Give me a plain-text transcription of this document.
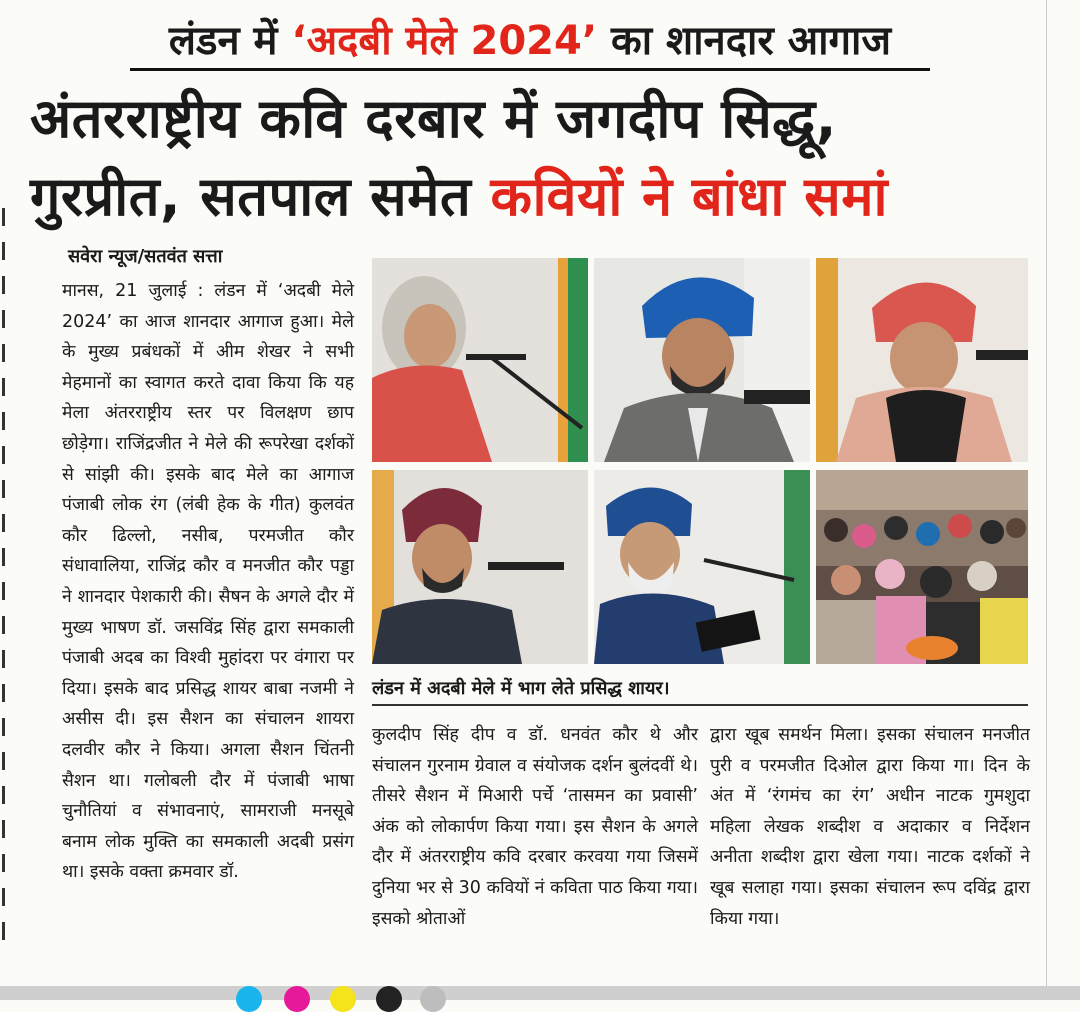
लंडन में ‘अदबी मेले 2024’ का शानदार आगाज
अंतरराष्ट्रीय कवि दरबार में जगदीप सिद्धू,
गुरप्रीत, सतपाल समेत कवियों ने बांधा समां
सवेरा न्यूज/सतवंत सत्ता
मानस, 21 जुलाई : लंडन में ‘अदबी मेले 2024’ का आज शानदार आगाज हुआ। मेले के मुख्य प्रबंधकों में अीम शेखर ने सभी मेहमानों का स्वागत करते दावा किया कि यह मेला अंतरराष्ट्रीय स्तर पर विलक्षण छाप छोड़ेगा। राजिंद्रजीत ने मेले की रूपरेखा दर्शकों से सांझी की। इसके बाद मेले का आगाज पंजाबी लोक रंग (लंबी हेक के गीत) कुलवंत कौर ढिल्लो, नसीब, परमजीत कौर संधावालिया, राजिंद्र कौर व मनजीत कौर पड्डा ने शानदार पेशकारी की। सैषन के अगले दौर में मुख्य भाषण डॉ. जसविंद्र सिंह द्वारा समकाली पंजाबी अदब का विश्वी मुहांदरा पर वंगारा पर दिया। इसके बाद प्रसिद्ध शायर बाबा नजमी ने असीस दी। इस सैशन का संचालन शायरा दलवीर कौर ने किया। अगला सैशन चिंतनी सैशन था। गलोबली दौर में पंजाबी भाषा चुनौतियां व संभावनाएं, सामराजी मनसूबे बनाम लोक मुक्ति का समकाली अदबी प्रसंग था। इसके वक्ता क्रमवार डॉ.
लंडन में अदबी मेले में भाग लेते प्रसिद्ध शायर।
कुलदीप सिंह दीप व डॉ. धनवंत कौर थे और संचालन गुरनाम ग्रेवाल व संयोजक दर्शन बुलंदवीं थे। तीसरे सैशन में मिआरी पर्चे ‘तासमन का प्रवासी’ अंक को लोकार्पण किया गया। इस सैशन के अगले दौर में अंतरराष्ट्रीय कवि दरबार करवया गया जिसमें दुनिया भर से 30 कवियों नं कविता पाठ किया गया। इसको श्रोताओं
द्वारा खूब समर्थन मिला। इसका संचालन मनजीत पुरी व परमजीत दिओल द्वारा किया गा। दिन के अंत में ‘रंगमंच का रंग’ अधीन नाटक गुमशुदा महिला लेखक शब्दीश व अदाकार व निर्देशन अनीता शब्दीश द्वारा खेला गया। नाटक दर्शकों ने खूब सलाहा गया। इसका संचालन रूप दविंद्र द्वारा किया गया।
